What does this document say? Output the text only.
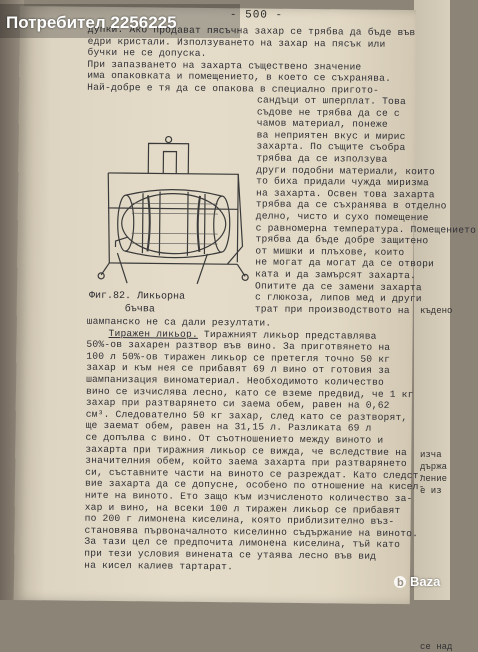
къдено
изча
държа
ление
е из
се над
- 500 -
Фиг.82. Ликьорна
бъчва
дупки. Ако продават пясъчна захар се трябва да бъде във
едри кристали. Използуването на захар на пясък или
бучки не се допуска.
При запазването на захарта съществено значение
има опаковката и помещението, в което се съхранява.
Най-добре е тя да се опакова в специално пригото-
сандъци от шперплат. Това
съдове не трябва да се с
чамов материал, понеже
ва неприятен вкус и мирис
захарта. По същите съобра
трябва да се използува
други подобни материали, които
то биха придали чужда миризма
на захарта. Освен това захарта
трябва да се съхранява в отделно
делно, чисто и сухо помещение
с равномерна температура. Помещението
трябва да бъде добре защитено
от мишки и плъхове, които
не могат да могат да се отвори
ката и да замърсят захарта.
Опитите да се замени захарта
с глюкоза, липов мед и други
трат при производството на
шампанско не са дали резултати.
Тиражен ликьор. Тиражният ликьор представлява
50%-ов захарен разтвор във вино. За приготвянето на
100 л 50%-ов тиражен ликьор се претегля точно 50 кг
захар и към нея се прибавят 69 л вино от готовия за
шампанизация виноматериал. Необходимото количество
вино се изчислява лесно, като се вземе предвид, че 1 кг
захар при разтварянето си заема обем, равен на 0,62
см³. Следователно 50 кг захар, след като се разтворят,
ще заемат обем, равен на 31,15 л. Разликата 69 л
се допълва с вино. От съотношението между виното и
захарта при тиражния ликьор се вижда, че вследствие на
значителния обем, който заема захарта при разтварянето
си, съставните части на виното се разреждат. Като следст-
вие захарта да се допусне, особено по отношение на кисел-
ните на виното. Ето защо към изчисленото количество за-
хар и вино, на всеки 100 л тиражен ликьор се прибавят
по 200 г лимонена киселина, която приблизително въз-
становява първоначалното киселинно съдържание на виното.
За тази цел се предпочита лимонена киселина, тъй като
при тези условия винената се утаява лесно във вид
на кисел калиев тартарат.
Потребител 2256225
b Baza
